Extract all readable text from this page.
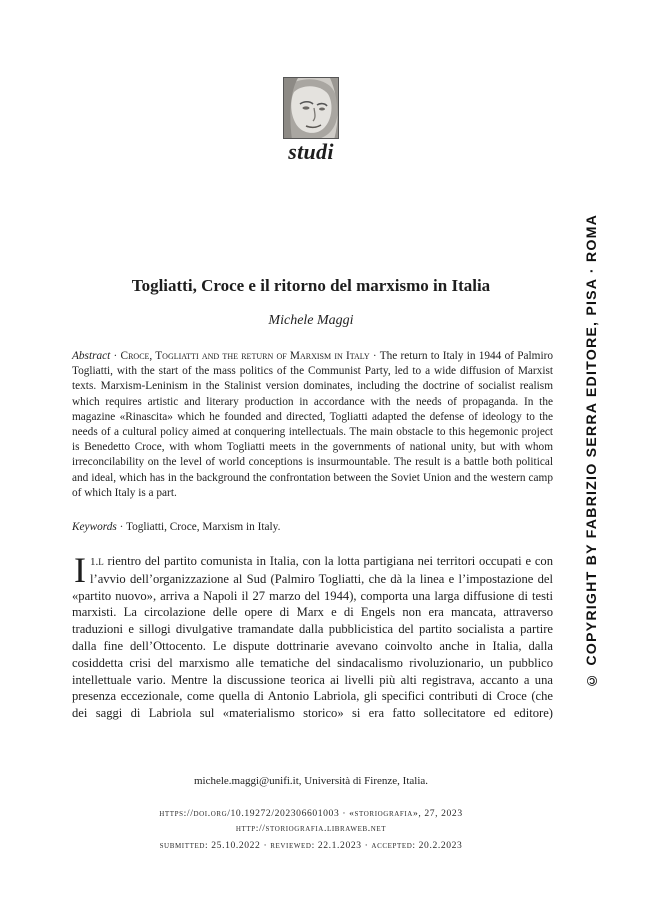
studi
© COPYRIGHT BY FABRIZIO SERRA EDITORE, PISA · ROMA
Togliatti, Croce e il ritorno del marxismo in Italia
Michele Maggi
Abstract · Croce, Togliatti and the return of Marxism in Italy · The return to Italy in 1944 of Palmiro Togliatti, with the start of the mass politics of the Communist Party, led to a wide diffusion of Marxist texts. Marxism-Leninism in the Stalinist version dominates, including the doctrine of socialist realism which requires artistic and literary production in accordance with the needs of propaganda. In the magazine «Rinascita» which he founded and directed, Togliatti adapted the defense of ideology to the needs of a cultural policy aimed at conquering intellectuals. The main obstacle to this hegemonic project is Benedetto Croce, with whom Togliatti meets in the governments of national unity, but with whom irreconcilability on the level of world conceptions is insurmountable. The result is a battle both political and ideal, which has in the background the confrontation between the Soviet Union and the western camp of which Italy is a part.
Keywords · Togliatti, Croce, Marxism in Italy.
1.
I l rientro del partito comunista in Italia, con la lotta partigiana nei territori occupati e con l’avvio dell’organizzazione al Sud (Palmiro Togliatti, che dà la linea e l’impostazione del «partito nuovo», arriva a Napoli il 27 marzo del 1944), comporta una larga diffusione di testi marxisti. La circolazione delle opere di Marx e di Engels non era mancata, attraverso traduzioni e sillogi divulgative tramandate dalla pubblicistica del partito socialista a partire dalla fine dell’Ottocento. Le dispute dottrinarie avevano coinvolto anche in Italia, dalla cosiddetta crisi del marxismo alle tematiche del sindacalismo rivoluzionario, un pubblico intellettuale vario. Mentre la discussione teorica ai livelli più alti registrava, accanto a una presenza eccezionale, come quella di Antonio Labriola, gli specifici contributi di Croce (che dei saggi di Labriola sul «materialismo storico» si era fatto sollecitatore ed editore)
michele.maggi@unifi.it, Università di Firenze, Italia.
https://doi.org/10.19272/202306601003 · «storiografia», 27, 2023
http://storiografia.libraweb.net
submitted: 25.10.2022 · reviewed: 22.1.2023 · accepted: 20.2.2023
